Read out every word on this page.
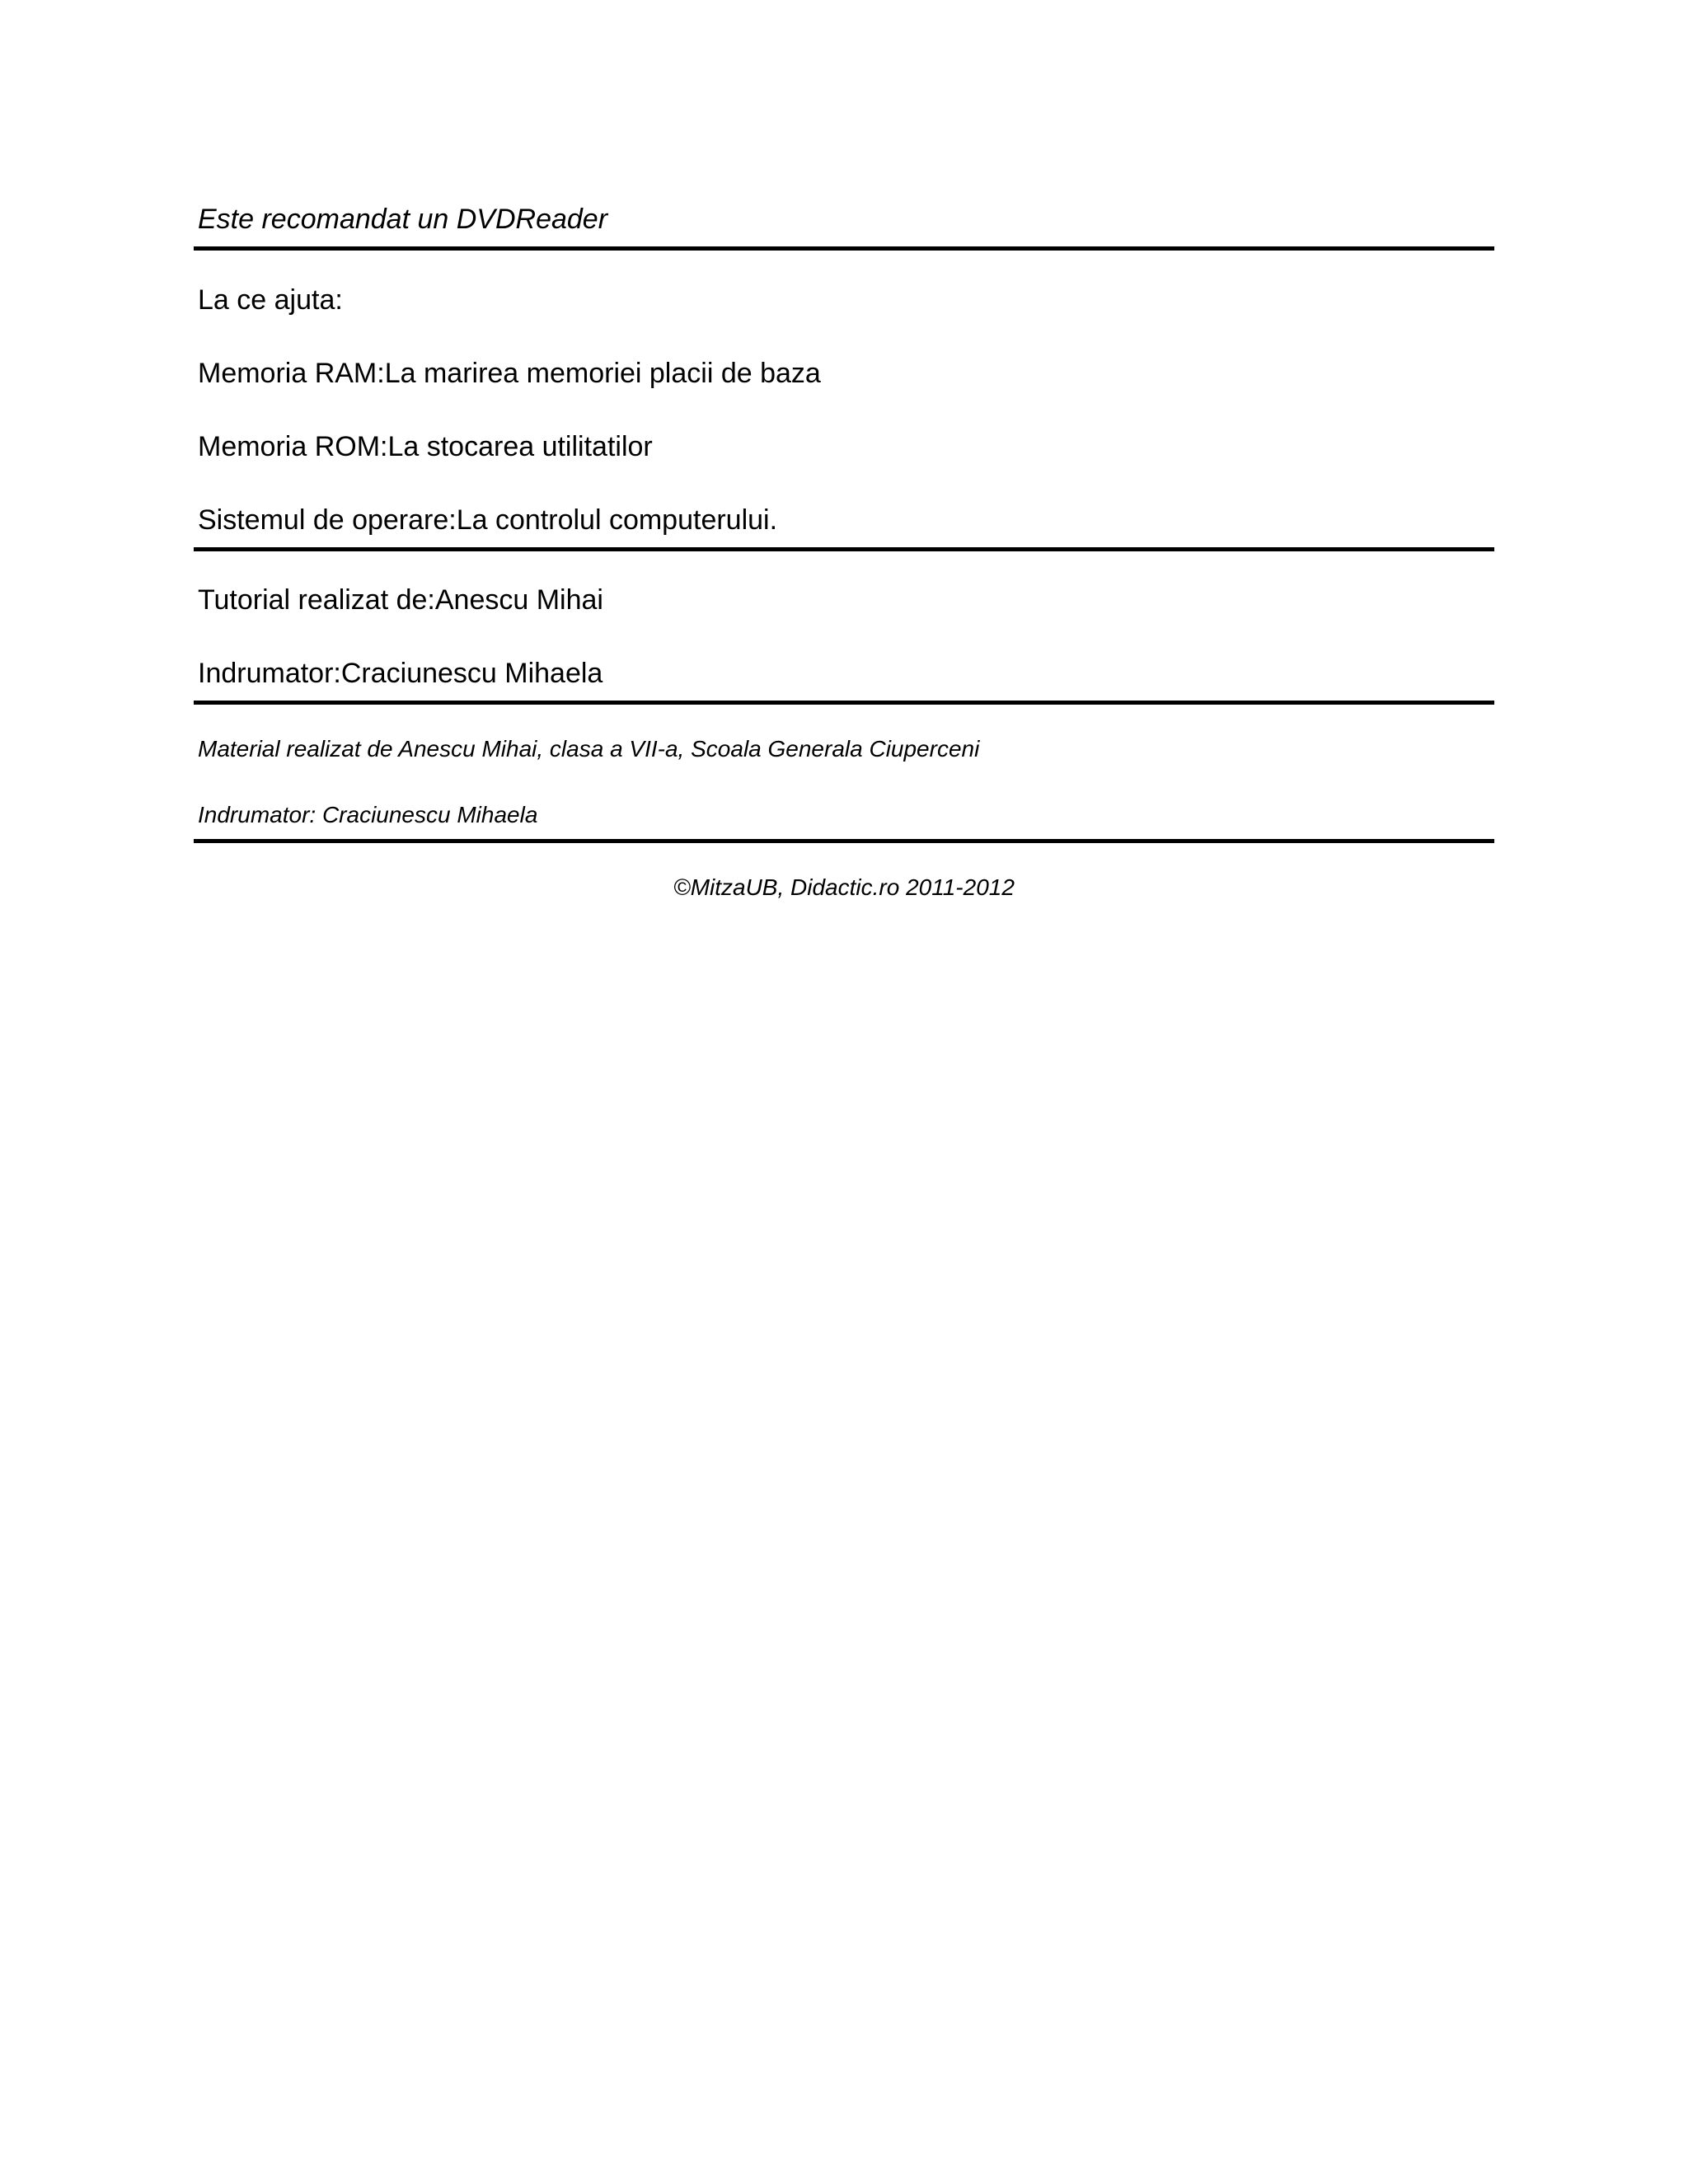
Este recomandat un DVDReader
La ce ajuta:
Memoria RAM:La marirea memoriei placii de baza
Memoria ROM:La stocarea utilitatilor
Sistemul de operare:La controlul computerului.
Tutorial realizat de:Anescu Mihai
Indrumator:Craciunescu Mihaela
Material realizat de Anescu Mihai, clasa a VII-a, Scoala Generala Ciuperceni
Indrumator: Craciunescu Mihaela
©MitzaUB, Didactic.ro 2011-2012
